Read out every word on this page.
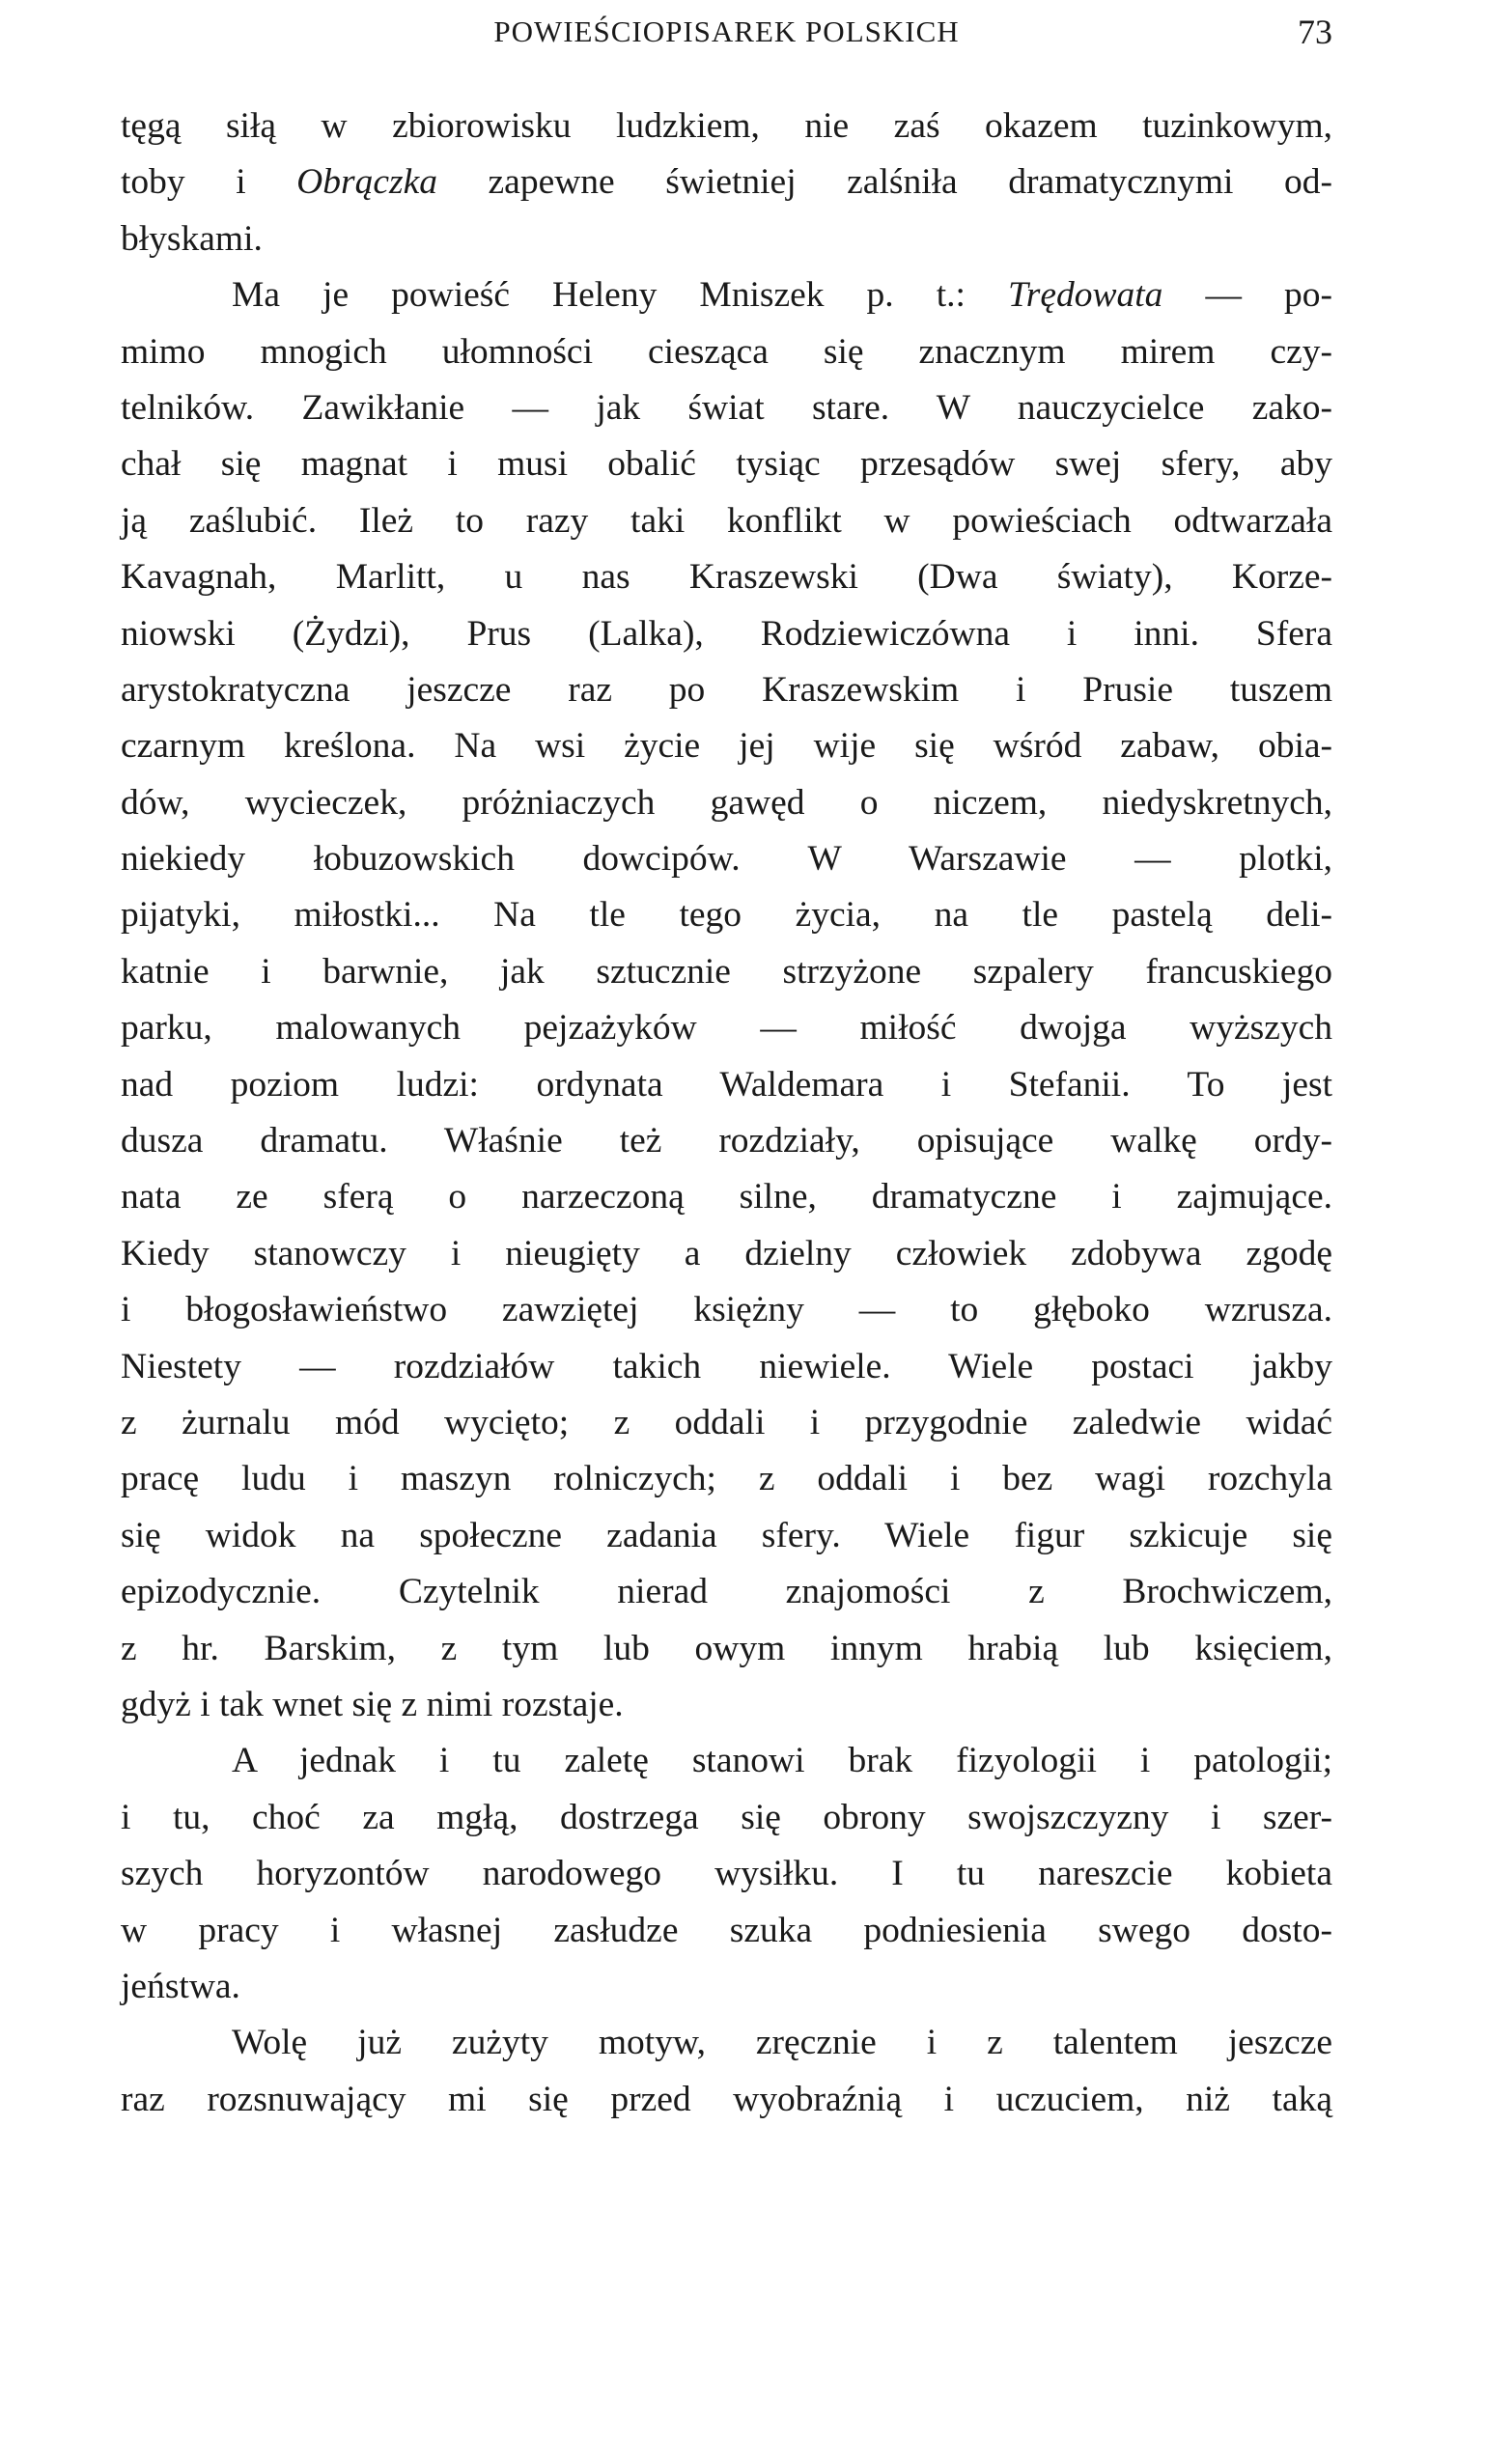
POWIEŚCIOPISAREK POLSKICH	73
tęgą siłą w zbiorowisku ludzkiem, nie zaś okazem tuzinkowym,
toby i Obrączka zapewne świetniej zalśniła dramatycznymi od-
błyskami.
Ma je powieść Heleny Mniszek p. t.: Trędowata — po-
mimo mnogich ułomności ciesząca się znacznym mirem czy-
telników. Zawikłanie — jak świat stare. W nauczycielce zako-
chał się magnat i musi obalić tysiąc przesądów swej sfery, aby
ją zaślubić. Ileż to razy taki konflikt w powieściach odtwarzała
Kavagnah, Marlitt, u nas Kraszewski (Dwa światy), Korze-
niowski (Żydzi), Prus (Lalka), Rodziewiczówna i inni. Sfera
arystokratyczna jeszcze raz po Kraszewskim i Prusie tuszem
czarnym kreślona. Na wsi życie jej wije się wśród zabaw, obia-
dów, wycieczek, próżniaczych gawęd o niczem, niedyskretnych,
niekiedy łobuzowskich dowcipów. W Warszawie — plotki,
pijatyki, miłostki... Na tle tego życia, na tle pastelą deli-
katnie i barwnie, jak sztucznie strzyżone szpalery francuskiego
parku, malowanych pejzażyków — miłość dwojga wyższych
nad poziom ludzi: ordynata Waldemara i Stefanii. To jest
dusza dramatu. Właśnie też rozdziały, opisujące walkę ordy-
nata ze sferą o narzeczoną silne, dramatyczne i zajmujące.
Kiedy stanowczy i nieugięty a dzielny człowiek zdobywa zgodę
i błogosławieństwo zawziętej księżny — to głęboko wzrusza.
Niestety — rozdziałów takich niewiele. Wiele postaci jakby
z żurnalu mód wycięto; z oddali i przygodnie zaledwie widać
pracę ludu i maszyn rolniczych; z oddali i bez wagi rozchyla
się widok na społeczne zadania sfery. Wiele figur szkicuje się
epizodycznie. Czytelnik nierad znajomości z Brochwiczem,
z hr. Barskim, z tym lub owym innym hrabią lub księciem,
gdyż i tak wnet się z nimi rozstaje.
A jednak i tu zaletę stanowi brak fizyologii i patologii;
i tu, choć za mgłą, dostrzega się obrony swojszczyzny i szer-
szych horyzontów narodowego wysiłku. I tu nareszcie kobieta
w pracy i własnej zasłudze szuka podniesienia swego dosto-
jeństwa.
Wolę już zużyty motyw, zręcznie i z talentem jeszcze
raz rozsnuwający mi się przed wyobraźnią i uczuciem, niż taką
